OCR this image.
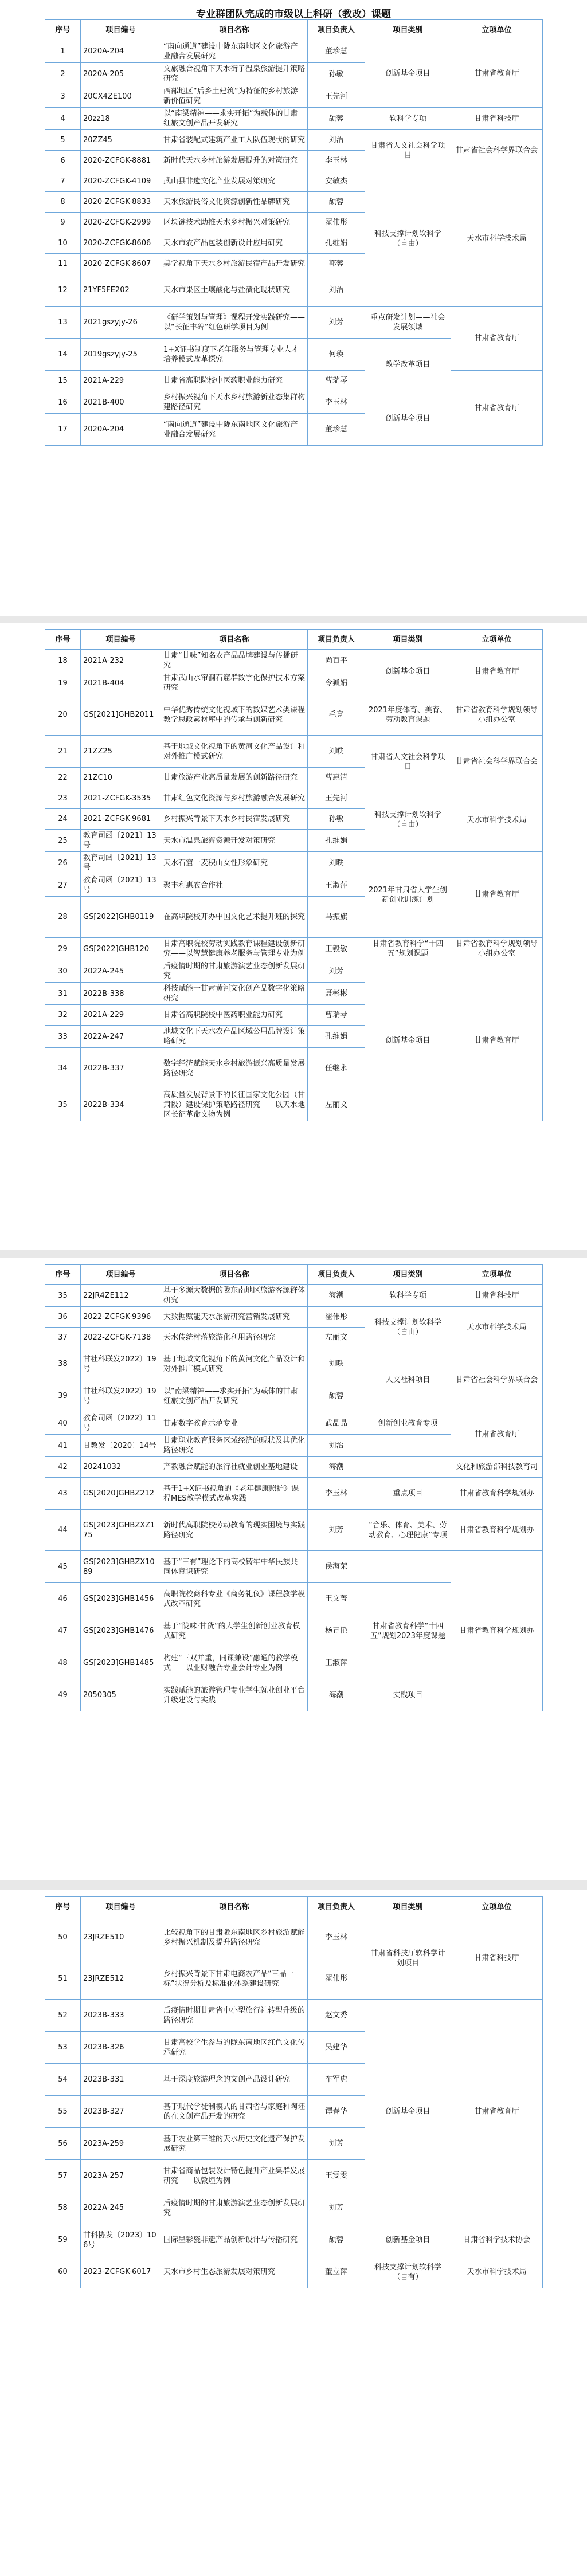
专业群团队完成的市级以上科研（教改）课题
序号	项目编号	项目名称	项目负责人	项目类别	立项单位
1	2020A-204	“南向通道”建设中陇东南地区文化旅游产业融合发展研究	董珍慧	创新基金项目	甘肃省教育厅
2	2020A-205	文旅融合视角下天水街子温泉旅游提升策略研究	孙敏		
3	20CX4ZE100	西部地区“后乡土建筑”为特征的乡村旅游新价值研究	王先河		
4	20zz18	以“南梁精神——求实开拓”为载体的甘肃红旅文创产品开发研究	颉蓉	软科学专项	甘肃省科技厅
5	20ZZ45	甘肃省装配式建筑产业工人队伍现状的研究	刘治	甘肃省人文社会科学项目	甘肃省社会科学界联合会
6	2020-ZCFGK-8881	新时代天水乡村旅游发展提升的对策研究	李玉林		
7	2020-ZCFGK-4109	武山县非遗文化产业发展对策研究	安敏杰	科技支撑计划软科学（自由）	天水市科学技术局
8	2020-ZCFGK-8833	天水旅游民俗文化资源创新性品牌研究	颉蓉		
9	2020-ZCFGK-2999	区块链技术助推天水乡村振兴对策研究	翟伟彤		
10	2020-ZCFGK-8606	天水市农产品包装创新设计应用研究	孔维娟		
11	2020-ZCFGK-8607	美学视角下天水乡村旅游民宿产品开发研究	郭蓉		
12	21YF5FE202	天水市果区土壤酸化与盐渍化现状研究	刘治		
13	2021gszyjy-26	《研学策划与管理》课程开发实践研究——以“长征丰碑”红色研学项目为例	刘芳	重点研发计划——社会发展领域	甘肃省教育厅
14	2019gszyjy-25	1+X证书制度下老年服务与管理专业人才培养模式改革探究	何瑛	教学改革项目	
15	2021A-229	甘肃省高职院校中医药职业能力研究	曹瑞琴		甘肃省教育厅
16	2021B-400	乡村振兴视角下天水乡村旅游新业态集群构建路径研究	李玉林	创新基金项目	
17	2020A-204	“南向通道”建设中陇东南地区文化旅游产业融合发展研究	董珍慧		
序号	项目编号	项目名称	项目负责人	项目类别	立项单位
18	2021A-232	甘肃“甘味”知名农产品品牌建设与传播研究	尚百平	创新基金项目	甘肃省教育厅
19	2021B-404	甘肃武山水帘洞石窟群数字化保护技术方案研究	令狐娟		
20	GS[2021]GHB2011	中华优秀传统文化视域下的数媒艺术类课程教学思政素材库中的传承与创新研究	毛竞	2021年度体育、美育、劳动教育课题	甘肃省教育科学规划领导小组办公室
21	21ZZ25	基于地域文化视角下的黄河文化产品设计和对外推广模式研究	刘昳	甘肃省人文社会科学项目	甘肃省社会科学界联合会
22	21ZC10	甘肃旅游产业高质量发展的创新路径研究	曹惠清		
23	2021-ZCFGK-3535	甘肃红色文化资源与乡村旅游融合发展研究	王先河	科技支撑计划软科学（自由）	天水市科学技术局
24	2021-ZCFGK-9681	乡村振兴背景下天水乡村民宿发展研究	孙敏		
25	教育司函〔2021〕13号	天水市温泉旅游资源开发对策研究	孔维娟		
26	教育司函〔2021〕13号	天水石窟一麦积山女性形象研究	刘昳	2021年甘肃省大学生创新创业训练计划	甘肃省教育厅
27	教育司函〔2021〕13号	聚丰利惠农合作社	王淑萍		
28	GS[2022]GHB0119	在高职院校开办中国文化艺术提升班的探究	马振旗		
29	GS[2022]GHB120	甘肃高职院校劳动实践教育课程建设创新研究——以智慧健康养老服务与管理专业为例	王毅敏	甘肃省教育科学“十四五”规划课题	甘肃省教育科学规划领导小组办公室
30	2022A-245	后疫情时期的甘肃旅游演艺业态创新发展研究	刘芳	创新基金项目	甘肃省教育厅
31	2022B-338	科技赋能一甘肃黄河文化创产品数字化策略研究	聂彬彬		
32	2021A-229	甘肃省高职院校中医药职业能力研究	曹瑞琴		
33	2022A-247	地域文化下天水农产品区域公用品牌设计策略研究	孔维娟		
34	2022B-337	数字经济赋能天水乡村旅游振兴高质量发展路径研究	任继永		
35	2022B-334	高质量发展背景下的长征国家文化公园（甘肃段）建设保护策略路径研究——以天水地区长征革命文物为例	左丽文		
序号	项目编号	项目名称	项目负责人	项目类别	立项单位
35	22JR4ZE112	基于多源大数据的陇东南地区旅游客源群体研究	海潮	软科学专项	甘肃省科技厅
36	2022-ZCFGK-9396	大数据赋能天水旅游研究营销发展研究	翟伟彤	科技支撑计划软科学（自由）	天水市科学技术局
37	2022-ZCFGK-7138	天水传统村落旅游化利用路径研究	左丽文		
38	甘社科联发2022〕19号	基于地域文化视角下的黄河文化产品设计和对外推广模式研究	刘昳	人文社科项目	甘肃省社会科学界联合会
39	甘社科联发2022〕19号	以“南梁精神——求实开拓”为载体的甘肃红旅文创产品开发研究	颉蓉		
40	教育司函〔2022〕11号	甘肃数字教育示范专业	武晶晶	创新创业教育专项	甘肃省教育厅
41	甘教发〔2020〕14号	甘肃职业教育服务区域经济的现状及其优化路径研究	刘治		
42	20241032	产教融合赋能的旅行社就业创业基地建设	海潮		文化和旅游部科技教育司
43	GS[2020]GHBZ212	基于1+X证书视角的《老年健康照护》课程MES教学模式改革实践	李玉林	重点项目	甘肃省教育科学规划办
44	GS[2023]GHBZXZ175	新时代高职院校劳动教育的现实困境与实践路径研究	刘芳	“音乐、体育、美术、劳动教育、心理健康”专项	甘肃省教育科学规划办
45	GS[2023]GHBZX1089	基于“三有”理论下的高校铸牢中华民族共同体意识研究	侯海荣		甘肃省教育科学规划办
46	GS[2023]GHB1456	高职院校商科专业《商务礼仪》课程教学模式改革研究	王文菁	甘肃省教育科学“十四五”规划2023年度课题	
47	GS[2023]GHB1476	基于“陇味·甘货”的大学生创新创业教育模式研究	杨青艳		
48	GS[2023]GHB1485	构建“三双并重，同课兼设”融通的教学模式——以业财融合专业会计专业为例	王淑萍		
49	2050305	实践赋能的旅游管理专业学生就业创业平台升级建设与实践	海潮	实践项目	
序号	项目编号	项目名称	项目负责人	项目类别	立项单位
50	23JRZE510	比较视角下的甘肃陇东南地区乡村旅游赋能乡村振兴机制及提升路径研究	李玉林	甘肃省科技厅软科学计划项目	甘肃省科技厅
51	23JRZE512	乡村振兴背景下甘肃电商农产品“三品一标”状况分析及标准化体系建设研究	翟伟彤		
52	2023B-333	后疫情时期甘肃省中小型旅行社转型升级的路径研究	赵文秀	创新基金项目	甘肃省教育厅
53	2023B-326	甘肃高校学生参与的陇东南地区红色文化传承研究	吴建华		
54	2023B-331	基于深度旅游理念的文创产品设计研究	车军虎		
55	2023B-327	基于现代学徒制模式的甘肃省与家庭和陶坯的在文创产品开发的研究	谭春华		
56	2023A-259	基于农业第三维的天水历史文化遗产保护发展研究	刘芳		
57	2023A-257	甘肃省商品包装设计特色提升产业集群发展研究——以敦煌为例	王雯雯		
58	2022A-245	后疫情时期的甘肃旅游演艺业态创新发展研究	刘芳		
59	甘科协发〔2023〕106号	国际墨彩瓷非遗产品创新设计与传播研究	颉蓉	创新基金项目	甘肃省科学技术协会
60	2023-ZCFGK-6017	天水市乡村生态旅游发展对策研究	董立萍	科技支撑计划软科学（自有）	天水市科学技术局
